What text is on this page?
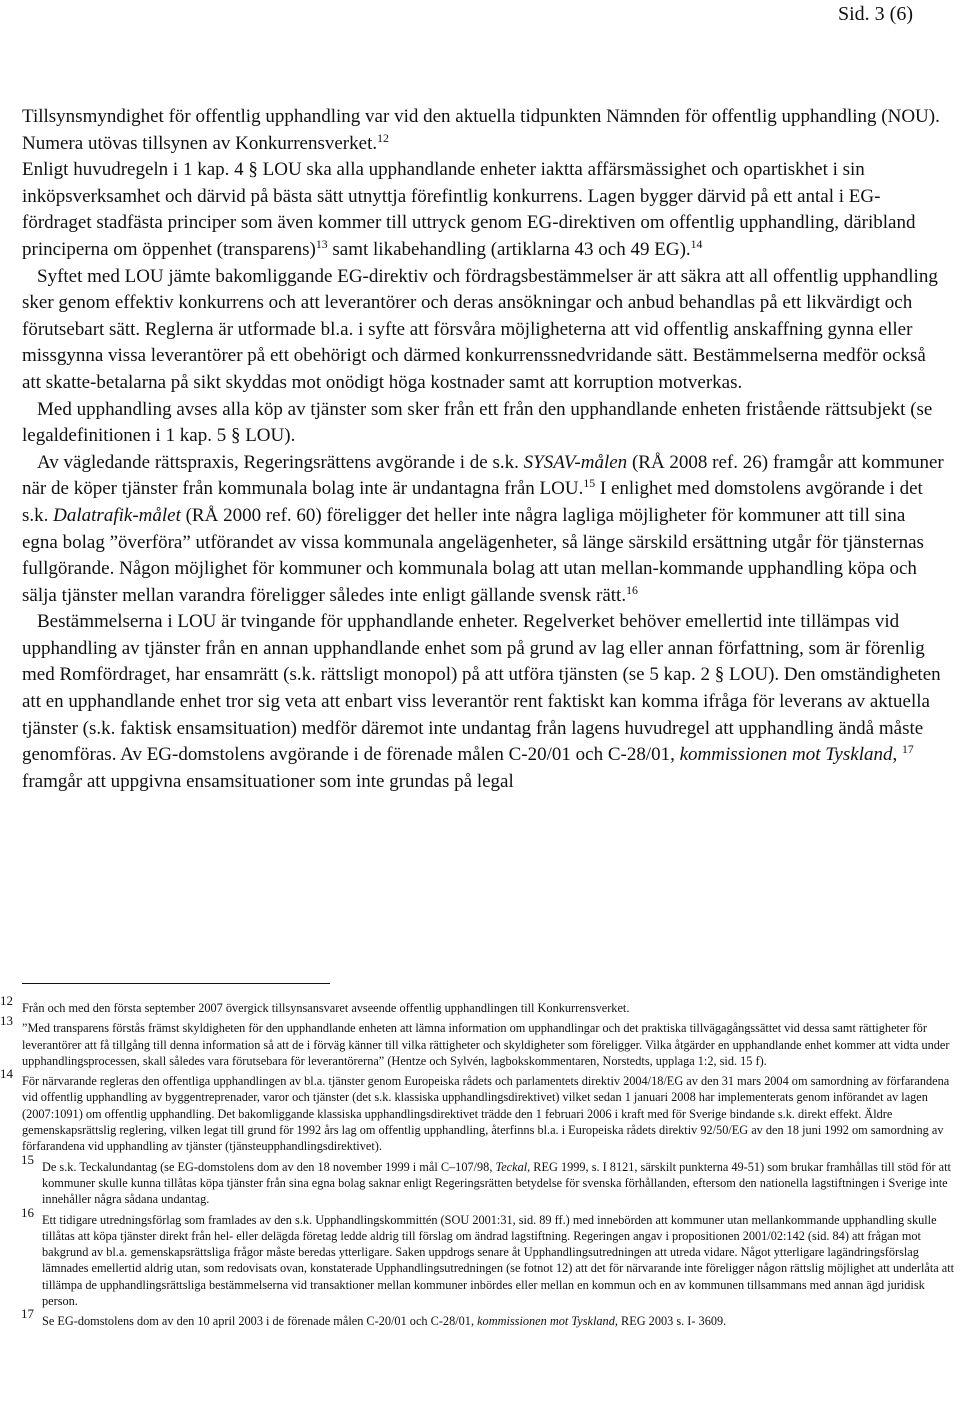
Sid. 3 (6)

Tillsynsmyndighet för offentlig upphandling var vid den aktuella tidpunkten Nämnden för offentlig upphandling (NOU). Numera utövas tillsynen av Konkurrensverket.$^{12}$

Enligt huvudregeln i 1 kap. 4 § LOU ska alla upphandlande enheter iaktta affärsmässighet och opartiskhet i sin inköpsverksamhet och därvid på bästa sätt utnyttja förefintlig konkurrens. Lagen bygger därvid på ett antal i EG-fördraget stadfästa principer som även kommer till uttryck genom EG-direktiven om offentlig upphandling, däribland principerna om öppenhet (transparens)$^{13}$ samt likabehandling (artiklarna 43 och 49 EG).$^{14}$

Syftet med LOU jämte bakomliggande EG-direktiv och fördragsbestämmelser är att säkra att all offentlig upphandling sker genom effektiv konkurrens och att leverantörer och deras ansökningar och anbud behandlas på ett likvärdigt och förutsebart sätt. Reglerna är utformade bl.a. i syfte att försvåra möjligheterna att vid offentlig anskaffning gynna eller missgynna vissa leverantörer på ett obehörigt och därmed konkurrenssnedvridande sätt. Bestämmelserna medför också att skatte-betalarna på sikt skyddas mot onödigt höga kostnader samt att korruption motverkas.

Med upphandling avses alla köp av tjänster som sker från ett från den upphandlande enheten fristående rättsubjekt (se legaldefinitionen i 1 kap. 5 § LOU).

Av vägledande rättspraxis, Regeringsrättens avgörande i de s.k. SYSAV-målen (RÅ 2008 ref. 26) framgår att kommuner när de köper tjänster från kommunala bolag inte är undantagna från LOU.$^{15}$ I enlighet med domstolens avgörande i det s.k. Dalatrafik-målet (RÅ 2000 ref. 60) föreligger det heller inte några lagliga möjligheter för kommuner att till sina egna bolag ”överföra” utförandet av vissa kommunala angelägenheter, så länge särskild ersättning utgår för tjänsternas fullgörande. Någon möjlighet för kommuner och kommunala bolag att utan mellan-kommande upphandling köpa och sälja tjänster mellan varandra föreligger således inte enligt gällande svensk rätt.$^{16}$

Bestämmelserna i LOU är tvingande för upphandlande enheter. Regelverket behöver emellertid inte tillämpas vid upphandling av tjänster från en annan upphandlande enhet som på grund av lag eller annan författning, som är förenlig med Romfördraget, har ensamrätt (s.k. rättsligt monopol) på att utföra tjänsten (se 5 kap. 2 § LOU). Den omständigheten att en upphandlande enhet tror sig veta att enbart viss leverantör rent faktiskt kan komma ifråga för leverans av aktuella tjänster (s.k. faktisk ensamsituation) medför däremot inte undantag från lagens huvudregel att upphandling ändå måste genomföras. Av EG-domstolens avgörande i de förenade målen C-20/01 och C-28/01, kommissionen mot Tyskland, $^{17}$ framgår att uppgivna ensamsituationer som inte grundas på legal

12 Från och med den första september 2007 övergick tillsynsansvaret avseende offentlig upphandlingen till Konkurrensverket.
13 ”Med transparens förstås främst skyldigheten för den upphandlande enheten att lämna information om upphandlingar och det praktiska tillvägagångssättet vid dessa samt rättigheter för leverantörer att få tillgång till denna information så att de i förväg känner till vilka rättigheter och skyldigheter som föreligger. Vilka åtgärder en upphandlande enhet kommer att vidta under upphandlingsprocessen, skall således vara förutsebara för leverantörerna” (Hentze och Sylvén, lagbokskommentaren, Norstedts, upplaga 1:2, sid. 15 f).
14 För närvarande regleras den offentliga upphandlingen av bl.a. tjänster genom Europeiska rådets och parlamentets direktiv 2004/18/EG av den 31 mars 2004 om samordning av förfarandena vid offentlig upphandling av byggentreprenader, varor och tjänster (det s.k. klassiska upphandlingsdirektivet) vilket sedan 1 januari 2008 har implementerats genom införandet av lagen (2007:1091) om offentlig upphandling. Det bakomliggande klassiska upphandlingsdirektivet trädde den 1 februari 2006 i kraft med för Sverige bindande s.k. direkt effekt. Äldre gemenskapsrättslig reglering, vilken legat till grund för 1992 års lag om offentlig upphandling, återfinns bl.a. i Europeiska rådets direktiv 92/50/EG av den 18 juni 1992 om samordning av förfarandena vid upphandling av tjänster (tjänsteupphandlingsdirektivet).
15 De s.k. Teckalundantag (se EG-domstolens dom av den 18 november 1999 i mål C–107/98, Teckal, REG 1999, s. I 8121, särskilt punkterna 49-51) som brukar framhållas till stöd för att kommuner skulle kunna tillåtas köpa tjänster från sina egna bolag saknar enligt Regeringsrätten betydelse för svenska förhållanden, eftersom den nationella lagstiftningen i Sverige inte innehåller några sådana undantag.
16 Ett tidigare utredningsförlag som framlades av den s.k. Upphandlingskommittén (SOU 2001:31, sid. 89 ff.) med innebörden att kommuner utan mellankommande upphandling skulle tillåtas att köpa tjänster direkt från hel- eller delägda företag ledde aldrig till förslag om ändrad lagstiftning. Regeringen angav i propositionen 2001/02:142 (sid. 84) att frågan mot bakgrund av bl.a. gemenskapsrättsliga frågor måste beredas ytterligare. Saken uppdrogs senare åt Upphandlingsutredningen att utreda vidare. Något ytterligare lagändringsförslag lämnades emellertid aldrig utan, som redovisats ovan, konstaterade Upphandlingsutredningen (se fotnot 12) att det för närvarande inte föreligger någon rättslig möjlighet att underlåta att tillämpa de upphandlingsrättsliga bestämmelserna vid transaktioner mellan kommuner inbördes eller mellan en kommun och en av kommunen tillsammans med annan ägd juridisk person.
17 Se EG-domstolens dom av den 10 april 2003 i de förenade målen C-20/01 och C-28/01, kommissionen mot Tyskland, REG 2003 s. I- 3609.
